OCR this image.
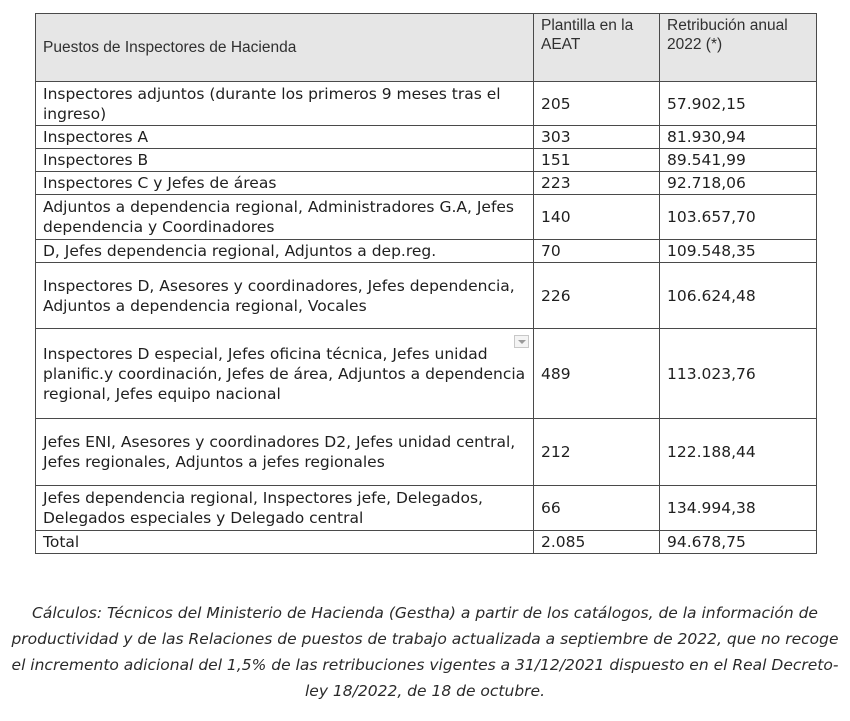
Puestos de Inspectores de Hacienda	Plantilla en la AEAT	Retribución anual 2022 (*)
Inspectores adjuntos (durante los primeros 9 meses tras el ingreso)	205	57.902,15
Inspectores A	303	81.930,94
Inspectores B	151	89.541,99
Inspectores C y Jefes de áreas	223	92.718,06
Adjuntos a dependencia regional, Administradores G.A, Jefes dependencia y Coordinadores	140	103.657,70
D, Jefes dependencia regional, Adjuntos a dep.reg.	70	109.548,35
Inspectores D, Asesores y coordinadores, Jefes dependencia, Adjuntos a dependencia regional, Vocales	226	106.624,48
Inspectores D especial, Jefes oficina técnica, Jefes unidad planific.y coordinación, Jefes de área, Adjuntos a dependencia regional, Jefes equipo nacional	489	113.023,76
Jefes ENI, Asesores y coordinadores D2, Jefes unidad central, Jefes regionales, Adjuntos a jefes regionales	212	122.188,44
Jefes dependencia regional, Inspectores jefe, Delegados, Delegados especiales y Delegado central	66	134.994,38
Total	2.085	94.678,75

Cálculos: Técnicos del Ministerio de Hacienda (Gestha) a partir de los catálogos, de la información de productividad y de las Relaciones de puestos de trabajo actualizada a septiembre de 2022, que no recoge el incremento adicional del 1,5% de las retribuciones vigentes a 31/12/2021 dispuesto en el Real Decreto-ley 18/2022, de 18 de octubre.
